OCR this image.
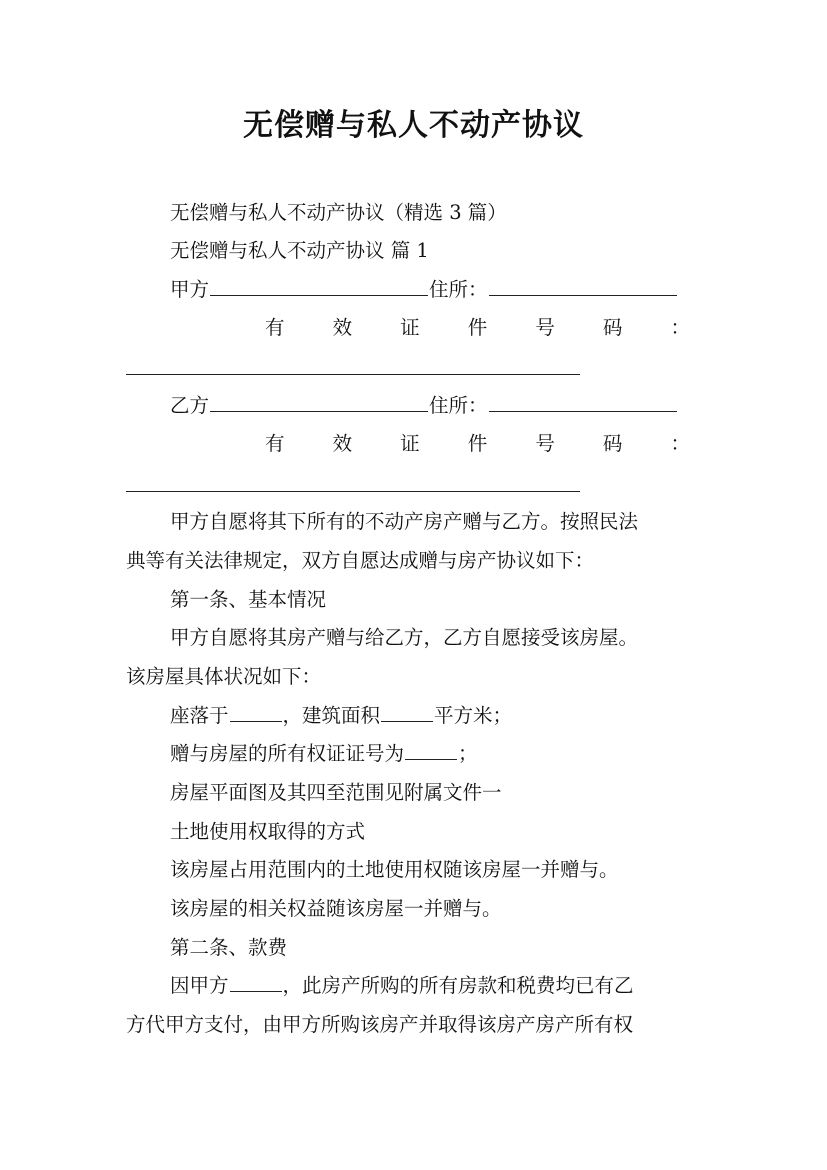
无偿赠与私人不动产协议
无偿赠与私人不动产协议（精选 3 篇）
无偿赠与私人不动产协议 篇 1
甲方	住所：
有 效 证 件 号 码 ：
乙方	住所：
有 效 证 件 号 码 ：
甲方自愿将其下所有的不动产房产赠与乙方。按照民法
典等有关法律规定，双方自愿达成赠与房产协议如下：
第一条、基本情况
甲方自愿将其房产赠与给乙方，乙方自愿接受该房屋。
该房屋具体状况如下：
座落于	，建筑面积	平方米；
赠与房屋的所有权证证号为	；
房屋平面图及其四至范围见附属文件一
土地使用权取得的方式
该房屋占用范围内的土地使用权随该房屋一并赠与。
该房屋的相关权益随该房屋一并赠与。
第二条、款费
因甲方	，此房产所购的所有房款和税费均已有乙
方代甲方支付，由甲方所购该房产并取得该房产房产所有权
